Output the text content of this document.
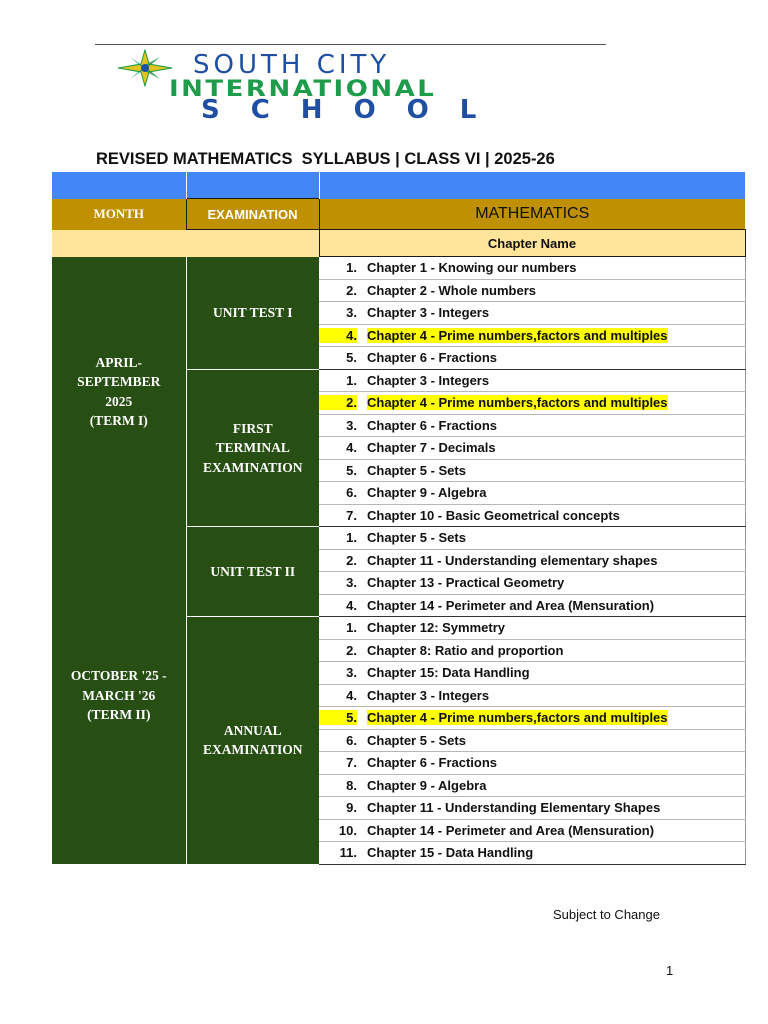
SOUTH CITY
INTERNATIONAL
SCHOOL
REVISED MATHEMATICS  SYLLABUS | CLASS VI | 2025-26

MONTH	EXAMINATION	MATHEMATICS
		Chapter Name
APRIL-
SEPTEMBER
2025
(TERM I)	UNIT TEST I	1. Chapter 1 - Knowing our numbers
		2. Chapter 2 - Whole numbers
		3. Chapter 3 - Integers
		4. Chapter 4 - Prime numbers,factors and multiples
		5. Chapter 6 - Fractions
	FIRST
TERMINAL
EXAMINATION	1. Chapter 3 - Integers
		2. Chapter 4 - Prime numbers,factors and multiples
		3. Chapter 6 - Fractions
		4. Chapter 7 - Decimals
		5. Chapter 5 - Sets
		6. Chapter 9 - Algebra
		7. Chapter 10 - Basic Geometrical concepts
OCTOBER '25 -
MARCH '26
(TERM II)	UNIT TEST II	1. Chapter 5 - Sets
		2. Chapter 11 - Understanding elementary shapes
		3. Chapter 13 - Practical Geometry
		4. Chapter 14 - Perimeter and Area (Mensuration)
	ANNUAL
EXAMINATION	1. Chapter 12: Symmetry
		2. Chapter 8: Ratio and proportion
		3. Chapter 15: Data Handling
		4. Chapter 3 - Integers
		5. Chapter 4 - Prime numbers,factors and multiples
		6. Chapter 5 - Sets
		7. Chapter 6 - Fractions
		8. Chapter 9 - Algebra
		9. Chapter 11 - Understanding Elementary Shapes
		10. Chapter 14 - Perimeter and Area (Mensuration)
		11. Chapter 15 - Data Handling
Subject to Change
1
